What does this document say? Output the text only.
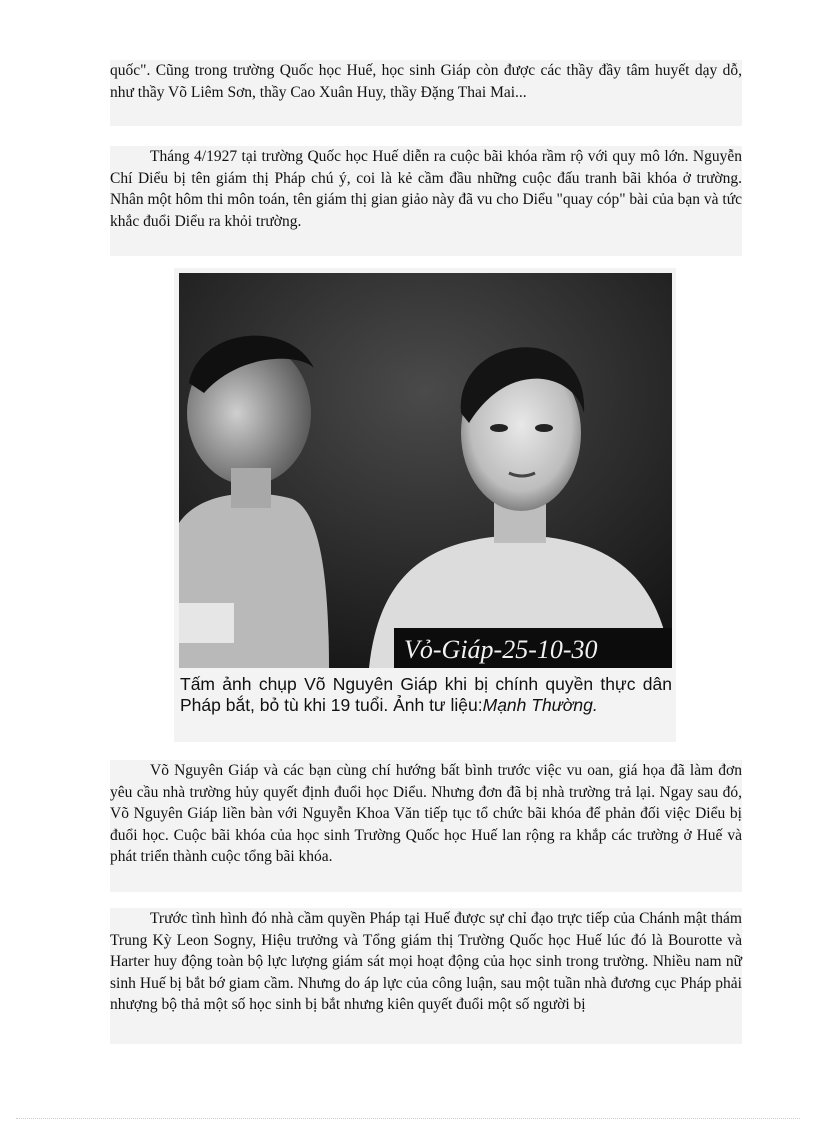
quốc". Cũng trong trường Quốc học Huế, học sinh Giáp còn được các thầy đầy tâm huyết dạy dỗ, như thầy Võ Liêm Sơn, thầy Cao Xuân Huy, thầy Đặng Thai Mai...

Tháng 4/1927 tại trường Quốc học Huế diễn ra cuộc bãi khóa rầm rộ với quy mô lớn. Nguyễn Chí Diểu bị tên giám thị Pháp chú ý, coi là kẻ cầm đầu những cuộc đấu tranh bãi khóa ở trường. Nhân một hôm thi môn toán, tên giám thị gian giảo này đã vu cho Diểu "quay cóp" bài của bạn và tức khắc đuổi Diểu ra khỏi trường.

Vỏ-Giáp-25-10-30

Tấm ảnh chụp Võ Nguyên Giáp khi bị chính quyền thực dân Pháp bắt, bỏ tù khi 19 tuổi. Ảnh tư liệu:Mạnh Thường.

Võ Nguyên Giáp và các bạn cùng chí hướng bất bình trước việc vu oan, giá họa đã làm đơn yêu cầu nhà trường hủy quyết định đuổi học Diểu. Nhưng đơn đã bị nhà trường trả lại. Ngay sau đó, Võ Nguyên Giáp liền bàn với Nguyễn Khoa Văn tiếp tục tổ chức bãi khóa để phản đối việc Diểu bị đuổi học. Cuộc bãi khóa của học sinh Trường Quốc học Huế lan rộng ra khắp các trường ở Huế và phát triển thành cuộc tổng bãi khóa.

Trước tình hình đó nhà cầm quyền Pháp tại Huế được sự chỉ đạo trực tiếp của Chánh mật thám Trung Kỳ Leon Sogny, Hiệu trưởng và Tổng giám thị Trường Quốc học Huế lúc đó là Bourotte và Harter huy động toàn bộ lực lượng giám sát mọi hoạt động của học sinh trong trường. Nhiều nam nữ sinh Huế bị bắt bớ giam cầm. Nhưng do áp lực của công luận, sau một tuần nhà đương cục Pháp phải nhượng bộ thả một số học sinh bị bắt nhưng kiên quyết đuổi một số người bị
